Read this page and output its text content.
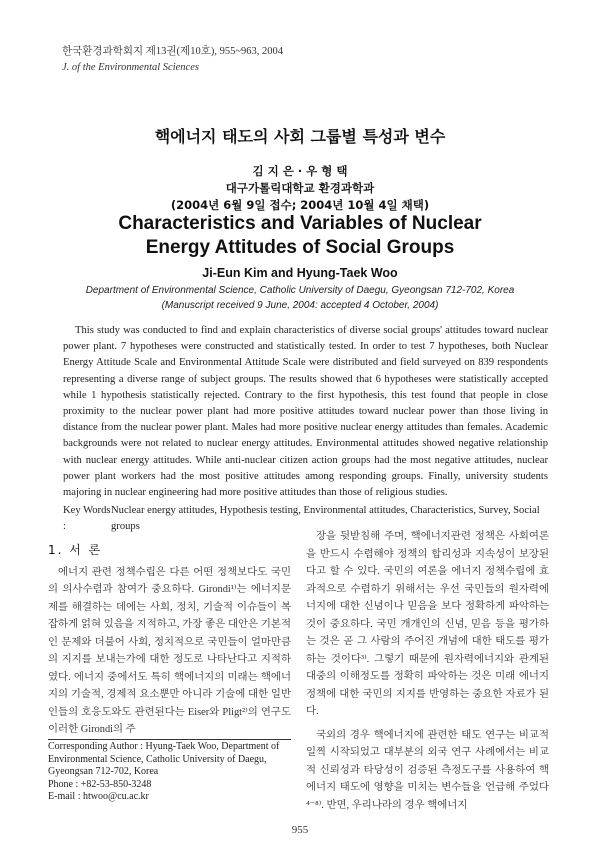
한국환경과학회지 제13권(제10호), 955~963, 2004
J. of the Environmental Sciences
핵에너지 태도의 사회 그룹별 특성과 변수
김 지 은 · 우 형 택
대구가톨릭대학교 환경과학과
(2004년 6월 9일 접수; 2004년 10월 4일 채택)
Characteristics and Variables of Nuclear
Energy Attitudes of Social Groups
Ji-Eun Kim and Hyung-Taek Woo
Department of Environmental Science, Catholic University of Daegu, Gyeongsan 712-702, Korea
(Manuscript received 9 June, 2004: accepted 4 October, 2004)
This study was conducted to find and explain characteristics of diverse social groups' attitudes toward nuclear power plant. 7 hypotheses were constructed and statistically tested. In order to test 7 hypotheses, both Nuclear Energy Attitude Scale and Environmental Attitude Scale were distributed and field surveyed on 839 respondents representing a diverse range of subject groups. The results showed that 6 hypotheses were statistically accepted while 1 hypothesis statistically rejected. Contrary to the first hypothesis, this test found that people in close proximity to the nuclear power plant had more positive attitudes toward nuclear power than those living in distance from the nuclear power plant. Males had more positive nuclear energy attitudes than females. Academic backgrounds were not related to nuclear energy attitudes. Environmental attitudes showed negative relationship with nuclear energy attitudes. While anti-nuclear citizen action groups had the most negative attitudes, nuclear power plant workers had the most positive attitudes among responding groups. Finally, university students majoring in nuclear engineering had more positive attitudes than those of religious studies.
Key Words :
Nuclear energy attitudes, Hypothesis testing, Environmental attitudes, Characteristics, Survey, Social groups
1. 서 론

에너지 관련 정책수립은 다른 어떤 정책보다도 국민의 의사수렴과 참여가 중요하다. Girondi¹⁾는 에너지문제를 해결하는 데에는 사회, 정치, 기술적 이슈들이 복잡하게 얽혀 있음을 지적하고, 가장 좋은 대안은 기본적인 문제와 더불어 사회, 정치적으로 국민들이 얼마만큼의 지지를 보내는가에 대한 정도로 나타난다고 지적하였다. 에너지 중에서도 특히 핵에너지의 미래는 핵에너지의 기술적, 경제적 요소뿐만 아니라 기술에 대한 일반인들의 호응도와도 관련된다는 Eiser와 Pligt²⁾의 연구도 이러한 Girondi의 주

장을 뒷받침해 주며, 핵에너지관련 정책은 사회여론을 반드시 수렴해야 정책의 합리성과 지속성이 보장된다고 할 수 있다. 국민의 여론을 에너지 정책수립에 효과적으로 수렴하기 위해서는 우선 국민들의 원자력에너지에 대한 신념이나 믿음을 보다 정확하게 파악하는 것이 중요하다. 국민 개개인의 신념, 믿음 등을 평가하는 것은 곧 그 사람의 주어진 개념에 대한 태도를 평가하는 것이다³⁾. 그렇기 때문에 원자력에너지와 관계된 대중의 이해정도를 정확히 파악하는 것은 미래 에너지정책에 대한 국민의 지지를 반영하는 중요한 자료가 된다.

국외의 경우 핵에너지에 관련한 태도 연구는 비교적 일찍 시작되었고 대부분의 외국 연구 사례에서는 비교적 신뢰성과 타당성이 검증된 측정도구를 사용하여 핵에너지 태도에 영향을 미치는 변수들을 언급해 주었다⁴⁻⁸⁾. 반면, 우리나라의 경우 핵에너지

Corresponding Author : Hyung-Taek Woo, Department of Environmental Science, Catholic University of Daegu, Gyeongsan 712-702, Korea
Phone : +82-53-850-3248
E-mail : htwoo@cu.ac.kr
955
